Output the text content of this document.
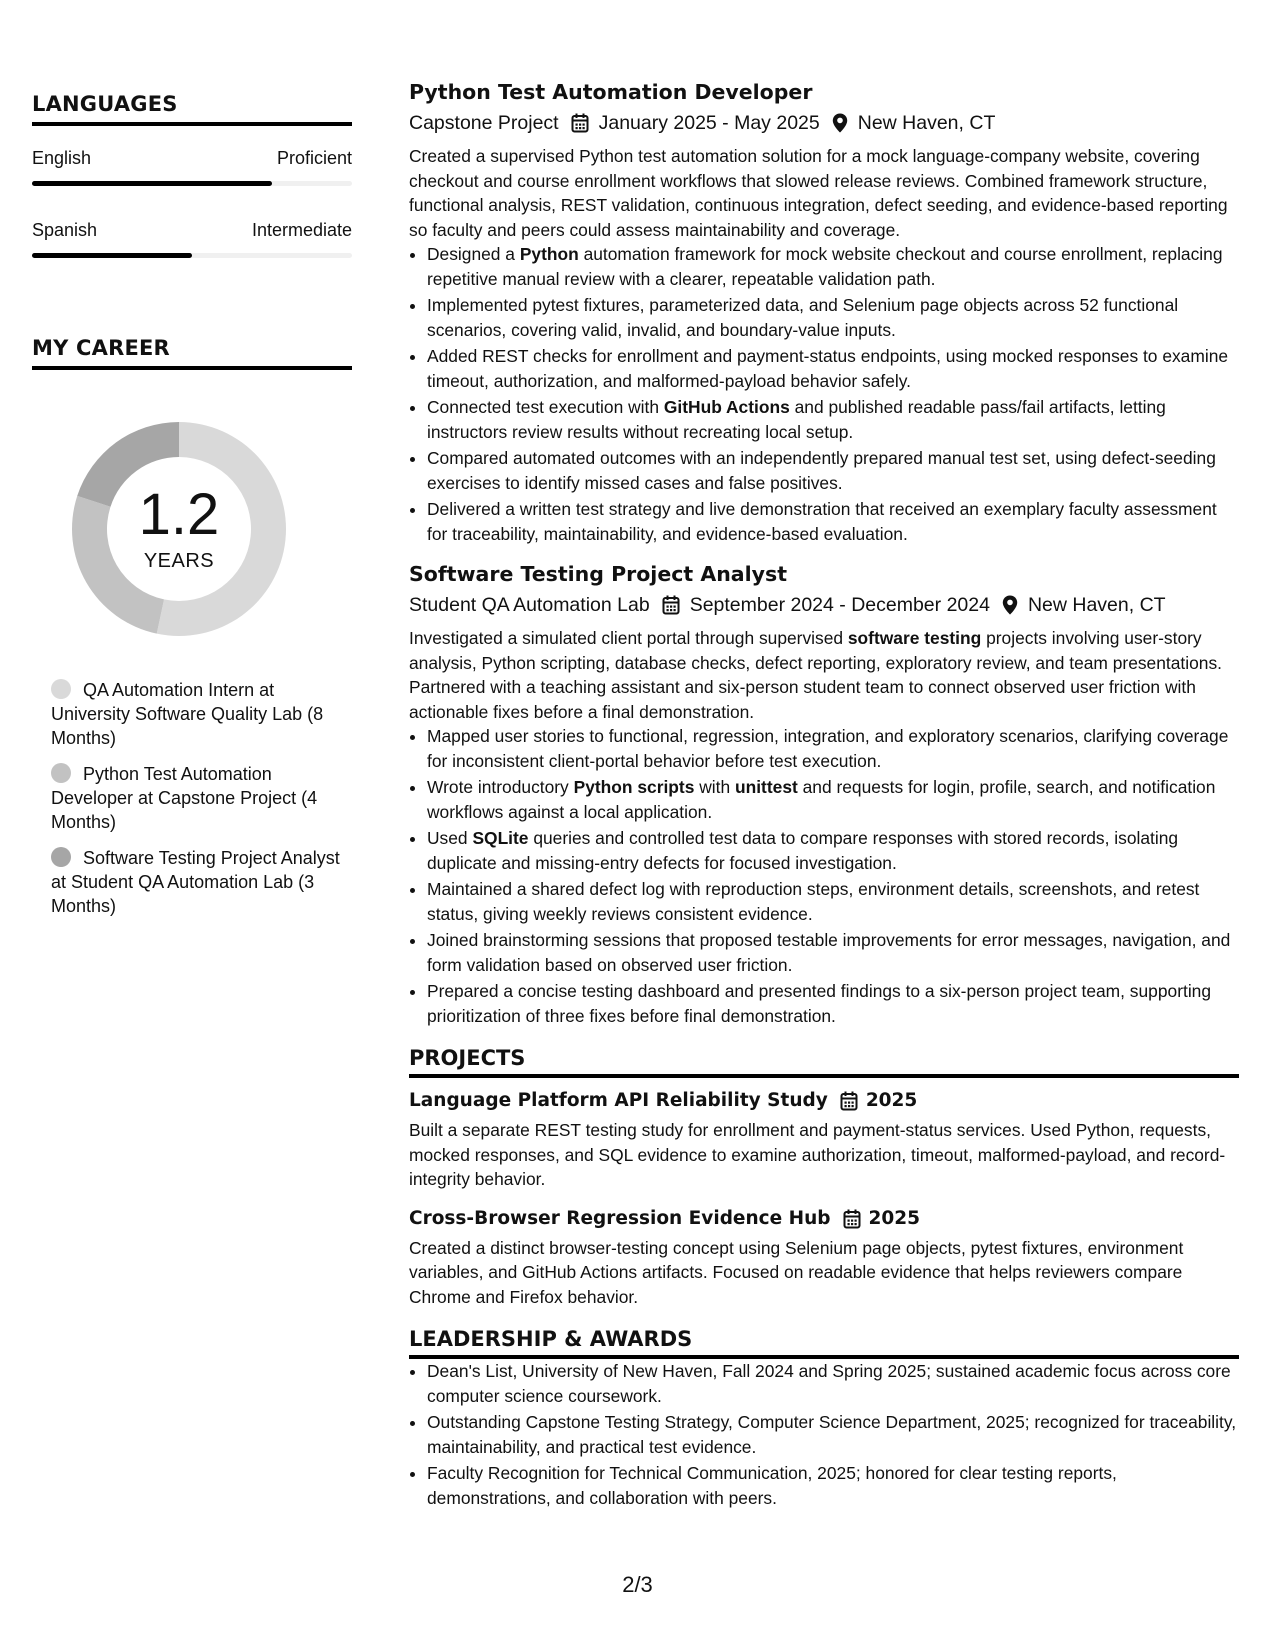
LANGUAGES
English	Proficient
Spanish	Intermediate
MY CAREER
1.2
YEARS
QA Automation Intern at University Software Quality Lab (8 Months)
Python Test Automation Developer at Capstone Project (4 Months)
Software Testing Project Analyst at Student QA Automation Lab (3 Months)
Python Test Automation Developer
Capstone Project January 2025 - May 2025 New Haven, CT

Created a supervised Python test automation solution for a mock language-company website, covering checkout and course enrollment workflows that slowed release reviews. Combined framework structure, functional analysis, REST validation, continuous integration, defect seeding, and evidence-based reporting so faculty and peers could assess maintainability and coverage.

• Designed a Python automation framework for mock website checkout and course enrollment, replacing repetitive manual review with a clearer, repeatable validation path.
• Implemented pytest fixtures, parameterized data, and Selenium page objects across 52 functional scenarios, covering valid, invalid, and boundary-value inputs.
• Added REST checks for enrollment and payment-status endpoints, using mocked responses to examine timeout, authorization, and malformed-payload behavior safely.
• Connected test execution with GitHub Actions and published readable pass/fail artifacts, letting instructors review results without recreating local setup.
• Compared automated outcomes with an independently prepared manual test set, using defect-seeding exercises to identify missed cases and false positives.
• Delivered a written test strategy and live demonstration that received an exemplary faculty assessment for traceability, maintainability, and evidence-based evaluation.
Software Testing Project Analyst
Student QA Automation Lab September 2024 - December 2024 New Haven, CT

Investigated a simulated client portal through supervised software testing projects involving user-story analysis, Python scripting, database checks, defect reporting, exploratory review, and team presentations. Partnered with a teaching assistant and six-person student team to connect observed user friction with actionable fixes before a final demonstration.

• Mapped user stories to functional, regression, integration, and exploratory scenarios, clarifying coverage for inconsistent client-portal behavior before test execution.
• Wrote introductory Python scripts with unittest and requests for login, profile, search, and notification workflows against a local application.
• Used SQLite queries and controlled test data to compare responses with stored records, isolating duplicate and missing-entry defects for focused investigation.
• Maintained a shared defect log with reproduction steps, environment details, screenshots, and retest status, giving weekly reviews consistent evidence.
• Joined brainstorming sessions that proposed testable improvements for error messages, navigation, and form validation based on observed user friction.
• Prepared a concise testing dashboard and presented findings to a six-person project team, supporting prioritization of three fixes before final demonstration.
PROJECTS
Language Platform API Reliability Study 2025

Built a separate REST testing study for enrollment and payment-status services. Used Python, requests, mocked responses, and SQL evidence to examine authorization, timeout, malformed-payload, and record-integrity behavior.

Cross-Browser Regression Evidence Hub 2025

Created a distinct browser-testing concept using Selenium page objects, pytest fixtures, environment variables, and GitHub Actions artifacts. Focused on readable evidence that helps reviewers compare Chrome and Firefox behavior.

LEADERSHIP & AWARDS
• Dean's List, University of New Haven, Fall 2024 and Spring 2025; sustained academic focus across core computer science coursework.
• Outstanding Capstone Testing Strategy, Computer Science Department, 2025; recognized for traceability, maintainability, and practical test evidence.
• Faculty Recognition for Technical Communication, 2025; honored for clear testing reports, demonstrations, and collaboration with peers.
2/3
